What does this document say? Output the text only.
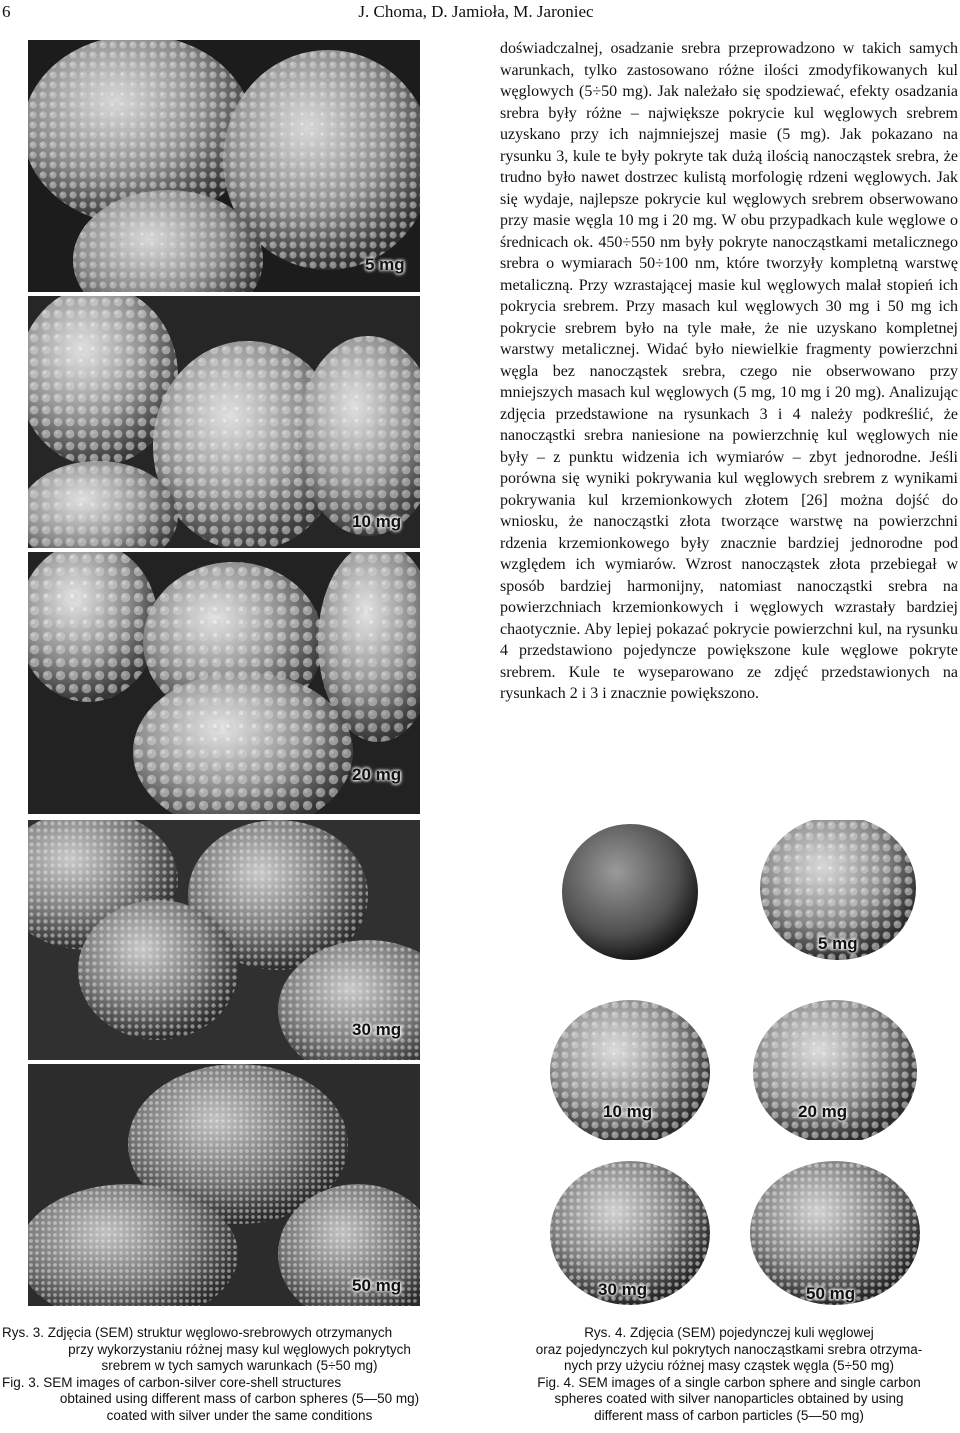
6	J. Choma, D. Jamioła, M. Jaroniec
5 mg
10 mg
20 mg
30 mg
50 mg
doświadczalnej, osadzanie srebra przeprowadzono w takich samych warunkach, tylko zastosowano różne ilości zmodyfikowanych kul węglowych (5÷50 mg). Jak należało się spodziewać, efekty osadzania srebra były różne – największe pokrycie kul węglowych srebrem uzyskano przy ich najmniejszej masie (5 mg). Jak pokazano na rysunku 3, kule te były pokryte tak dużą ilością nanocząstek srebra, że trudno było nawet dostrzec kulistą morfologię rdzeni węglowych. Jak się wydaje, najlepsze pokrycie kul węglowych srebrem obserwowano przy masie węgla 10 mg i 20 mg. W obu przypadkach kule węglowe o średnicach ok. 450÷550 nm były pokryte nanocząstkami metalicznego srebra o wymiarach 50÷100 nm, które tworzyły kompletną warstwę metaliczną. Przy wzrastającej masie kul węglowych malał stopień ich pokrycia srebrem. Przy masach kul węglowych 30 mg i 50 mg ich pokrycie srebrem było na tyle małe, że nie uzyskano kompletnej warstwy metalicznej. Widać było niewielkie fragmenty powierzchni węgla bez nanocząstek srebra, czego nie obserwowano przy mniejszych masach kul węglowych (5 mg, 10 mg i 20 mg). Analizując zdjęcia przedstawione na rysunkach 3 i 4 należy podkreślić, że nanocząstki srebra naniesione na powierzchnię kul węglowych nie były – z punktu widzenia ich wymiarów – zbyt jednorodne. Jeśli porówna się wyniki pokrywania kul węglowych srebrem z wynikami pokrywania kul krzemionkowych złotem [26] można dojść do wniosku, że nanocząstki złota tworzące warstwę na powierzchni rdzenia krzemionkowego były znacznie bardziej jednorodne pod względem ich wymiarów. Wzrost nanocząstek złota przebiegał w sposób bardziej harmonijny, natomiast nanocząstki srebra na powierzchniach krzemionkowych i węglowych wzrastały bardziej chaotycznie. Aby lepiej pokazać pokrycie powierzchni kul, na rysunku 4 przedstawiono pojedyncze powiększone kule węglowe pokryte srebrem. Kule te wyseparowano ze zdjęć przedstawionych na rysunkach 2 i 3 i znacznie powiększono.
5 mg
10 mg	20 mg
30 mg	50 mg
Rys. 3. Zdjęcia (SEM) struktur węglowo-srebrowych otrzymanych
przy wykorzystaniu różnej masy kul węglowych pokrytych
srebrem w tych samych warunkach (5÷50 mg)
Fig. 3. SEM images of carbon-silver core-shell structures
obtained using different mass of carbon spheres (5—50 mg)
coated with silver under the same conditions
Rys. 4. Zdjęcia (SEM) pojedynczej kuli węglowej
oraz pojedynczych kul pokrytych nanocząstkami srebra otrzyma-
nych przy użyciu różnej masy cząstek węgla (5÷50 mg)
Fig. 4. SEM images of a single carbon sphere and single carbon
spheres coated with silver nanoparticles obtained by using
different mass of carbon particles (5—50 mg)
